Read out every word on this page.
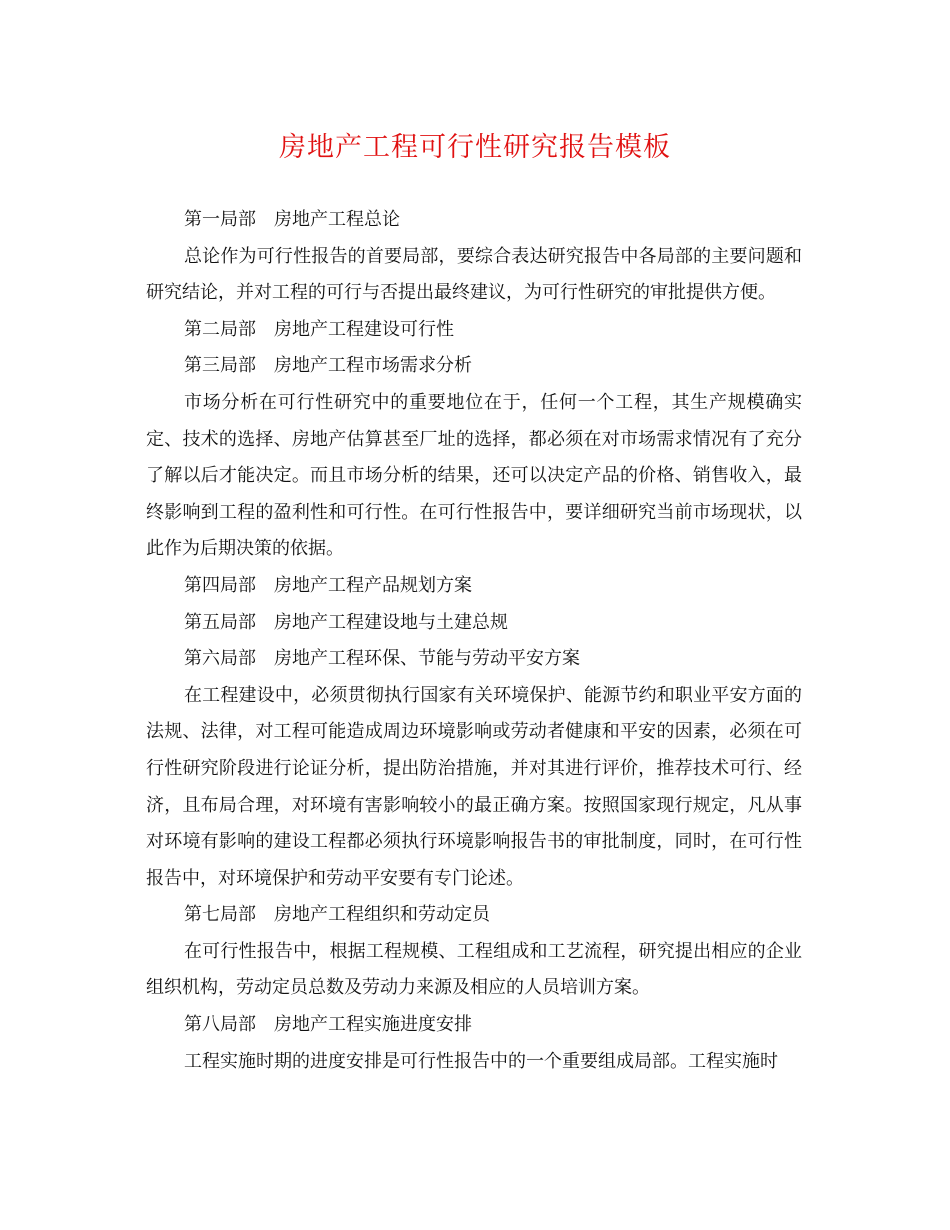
房地产工程可行性研究报告模板

第一局部 房地产工程总论

总论作为可行性报告的首要局部，要综合表达研究报告中各局部的主要问题和研究结论，并对工程的可行与否提出最终建议，为可行性研究的审批提供方便。

第二局部 房地产工程建设可行性

第三局部 房地产工程市场需求分析

市场分析在可行性研究中的重要地位在于，任何一个工程，其生产规模确实定、技术的选择、房地产估算甚至厂址的选择，都必须在对市场需求情况有了充分了解以后才能决定。而且市场分析的结果，还可以决定产品的价格、销售收入，最终影响到工程的盈利性和可行性。在可行性报告中，要详细研究当前市场现状，以此作为后期决策的依据。

第四局部 房地产工程产品规划方案

第五局部 房地产工程建设地与土建总规

第六局部 房地产工程环保、节能与劳动平安方案

在工程建设中，必须贯彻执行国家有关环境保护、能源节约和职业平安方面的法规、法律，对工程可能造成周边环境影响或劳动者健康和平安的因素，必须在可行性研究阶段进行论证分析，提出防治措施，并对其进行评价，推荐技术可行、经济，且布局合理，对环境有害影响较小的最正确方案。按照国家现行规定，凡从事对环境有影响的建设工程都必须执行环境影响报告书的审批制度，同时，在可行性报告中，对环境保护和劳动平安要有专门论述。

第七局部 房地产工程组织和劳动定员

在可行性报告中，根据工程规模、工程组成和工艺流程，研究提出相应的企业组织机构，劳动定员总数及劳动力来源及相应的人员培训方案。

第八局部 房地产工程实施进度安排

工程实施时期的进度安排是可行性报告中的一个重要组成局部。工程实施时
